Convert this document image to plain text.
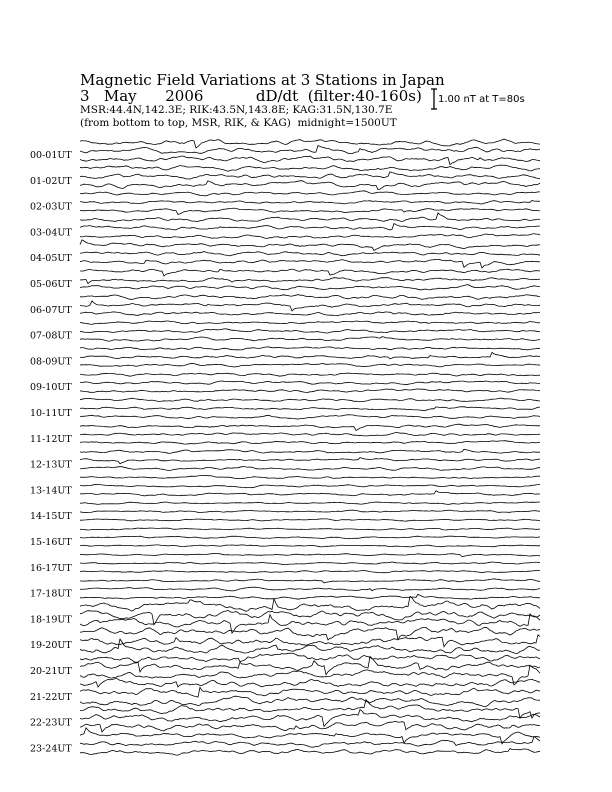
Magnetic Field Variations at 3 Stations in Japan
3   May      2006           dD/dt  (filter:40-160s)
MSR:44.4N,142.3E; RIK:43.5N,143.8E; KAG:31.5N,130.7E
(from bottom to top, MSR, RIK, & KAG)  midnight=1500UT
1.00 nT at T=80s
00-01UT
01-02UT
02-03UT
03-04UT
04-05UT
05-06UT
06-07UT
07-08UT
08-09UT
09-10UT
10-11UT
11-12UT
12-13UT
13-14UT
14-15UT
15-16UT
16-17UT
17-18UT
18-19UT
19-20UT
20-21UT
21-22UT
22-23UT
23-24UT
